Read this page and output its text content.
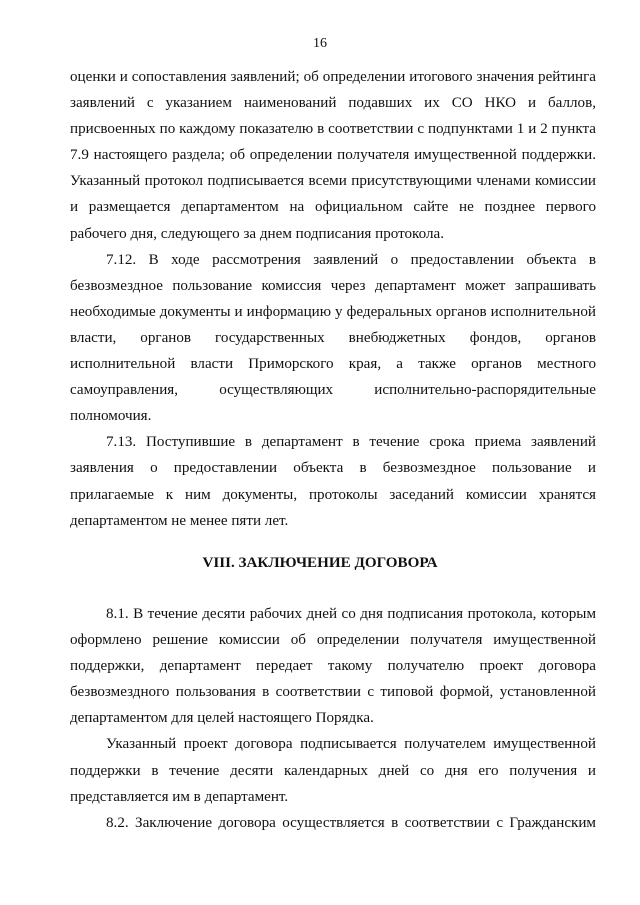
16

оценки и сопоставления заявлений; об определении итогового значения рейтинга заявлений с указанием наименований подавших их СО НКО и баллов, присвоенных по каждому показателю в соответствии с подпунктами 1 и 2 пункта 7.9 настоящего раздела; об определении получателя имущественной поддержки. Указанный протокол подписывается всеми присутствующими членами комиссии и размещается департаментом на официальном сайте не позднее первого рабочего дня, следующего за днем подписания протокола.

7.12. В ходе рассмотрения заявлений о предоставлении объекта в безвозмездное пользование комиссия через департамент может запрашивать необходимые документы и информацию у федеральных органов исполнительной власти, органов государственных внебюджетных фондов, органов исполнительной власти Приморского края, а также органов местного самоуправления, осуществляющих исполнительно-распорядительные полномочия.

7.13. Поступившие в департамент в течение срока приема заявлений заявления о предоставлении объекта в безвозмездное пользование и прилагаемые к ним документы, протоколы заседаний комиссии хранятся департаментом не менее пяти лет.

VIII. ЗАКЛЮЧЕНИЕ ДОГОВОРА

8.1. В течение десяти рабочих дней со дня подписания протокола, которым оформлено решение комиссии об определении получателя имущественной поддержки, департамент передает такому получателю проект договора безвозмездного пользования в соответствии с типовой формой, установленной департаментом для целей настоящего Порядка.

Указанный проект договора подписывается получателем имущественной поддержки в течение десяти календарных дней со дня его получения и представляется им в департамент.

8.2. Заключение договора осуществляется в соответствии с Гражданским
